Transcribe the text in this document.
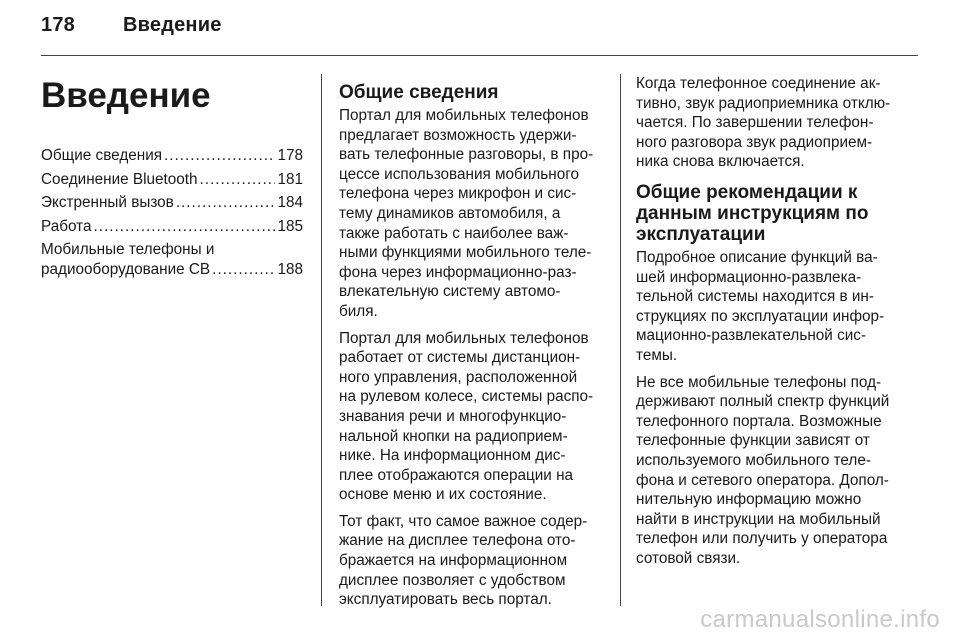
178 Введение
Введение
Общие сведения .....	178
Соединение Bluetooth .....	181
Экстренный вызов .....	184
Работа .....	185
Мобильные телефоны и
радиооборудование СВ .....	188
Общие сведения
Портал для мобильных телефонов
предлагает возможность удержи-
вать телефонные разговоры, в про-
цессе использования мобильного
телефона через микрофон и сис-
тему динамиков автомобиля, а
также работать с наиболее важ-
ными функциями мобильного теле-
фона через информационно-раз-
влекательную систему автомо-
биля.
Портал для мобильных телефонов
работает от системы дистанцион-
ного управления, расположенной
на рулевом колесе, системы распо-
знавания речи и многофункцио-
нальной кнопки на радиоприем-
нике. На информационном дис-
плее отображаются операции на
основе меню и их состояние.
Тот факт, что самое важное содер-
жание на дисплее телефона ото-
бражается на информационном
дисплее позволяет с удобством
эксплуатировать весь портал.
Когда телефонное соединение ак-
тивно, звук радиоприемника отклю-
чается. По завершении телефон-
ного разговора звук радиоприем-
ника снова включается.
Общие рекомендации к
данным инструкциям по
эксплуатации
Подробное описание функций ва-
шей информационно-развлека-
тельной системы находится в ин-
струкциях по эксплуатации инфор-
мационно-развлекательной сис-
темы.
Не все мобильные телефоны под-
держивают полный спектр функций
телефонного портала. Возможные
телефонные функции зависят от
используемого мобильного теле-
фона и сетевого оператора. Допол-
нительную информацию можно
найти в инструкции на мобильный
телефон или получить у оператора
сотовой связи.
carmanualsonline.info
